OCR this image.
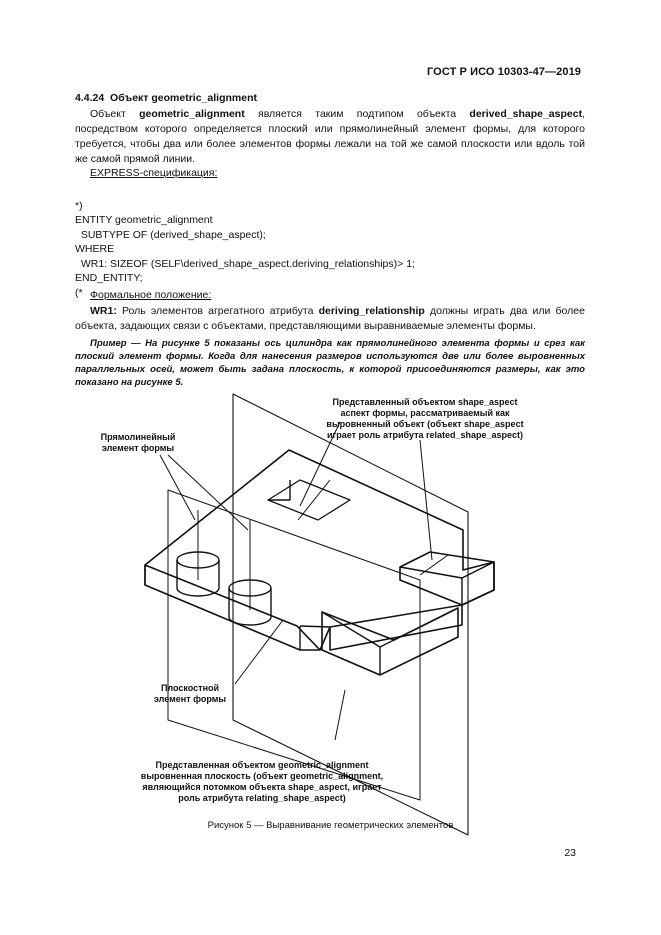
ГОСТ Р ИСО 10303-47—2019
4.4.24 Объект geometric_alignment
Объект geometric_alignment является таким подтипом объекта derived_shape_aspect, посредством которого определяется плоский или прямолинейный элемент формы, для которого требуется, чтобы два или более элементов формы лежали на той же самой плоскости или вдоль той же самой прямой линии.
EXPRESS-спецификация:

*)
ENTITY geometric_alignment
SUBTYPE OF (derived_shape_aspect);
WHERE
WR1: SIZEOF (SELF\derived_shape_aspect.deriving_relationships)> 1;
END_ENTITY;
(* Формальное положение:
WR1: Роль элементов агрегатного атрибута deriving_relationship должны играть два или более объекта, задающих связи с объектами, представляющими выравниваемые элементы формы.
Пример — На рисунке 5 показаны ось цилиндра как прямолинейного элемента формы и срез как плоский элемент формы. Когда для нанесения размеров используются две или более выровненных параллельных осей, может быть задана плоскость, к которой присоединяются размеры, как это показано на рисунке 5.
Прямолинейный
элемент формы
Плоскостной
элемент формы
Представленный объектом shape_aspect
аспект формы, рассматриваемый как
выровненный объект (объект shape_aspect
играет роль атрибута related_shape_aspect)
Представленная объектом geometric_alignment
выровненная плоскость (объект geometric_alignment,
являющийся потомком объекта shape_aspect, играет
роль атрибута relating_shape_aspect)
Рисунок 5 — Выравнивание геометрических элементов
23
